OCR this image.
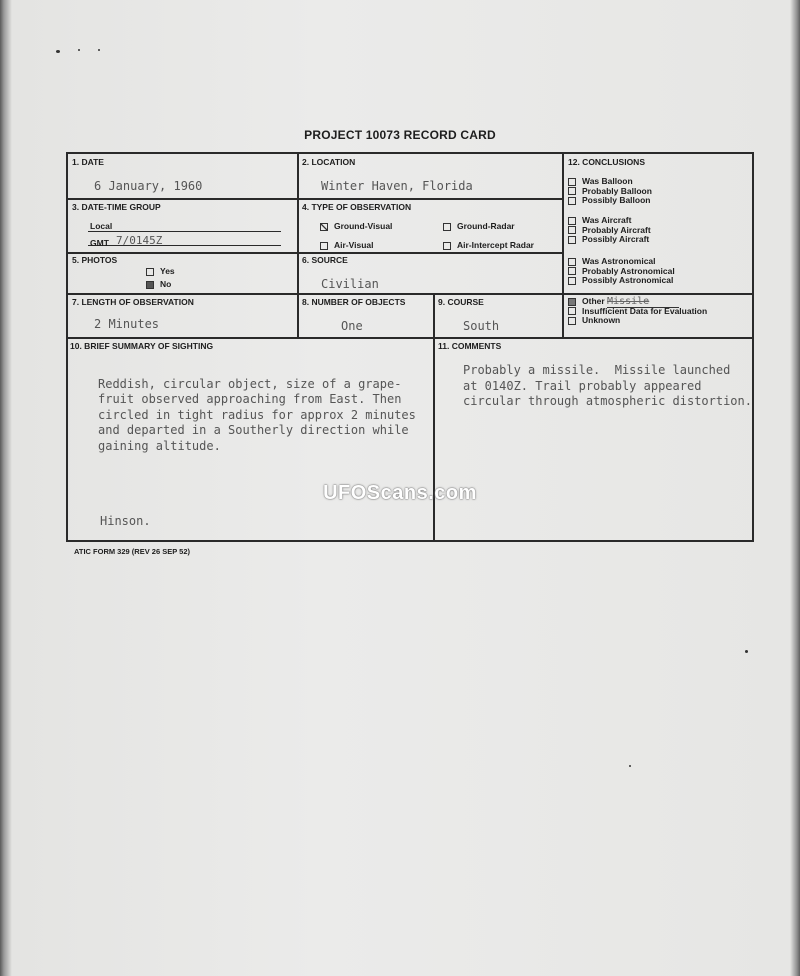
PROJECT 10073 RECORD CARD
1. DATE
6 January, 1960
2. LOCATION
Winter Haven, Florida
3. DATE-TIME GROUP
Local
GMT 7/0145Z
4. TYPE OF OBSERVATION
Ground-Visual	Ground-Radar
Air-Visual	Air-Intercept Radar
5. PHOTOS
Yes
No
6. SOURCE
Civilian
7. LENGTH OF OBSERVATION
2 Minutes
8. NUMBER OF OBJECTS
One
9. COURSE
South
10. BRIEF SUMMARY OF SIGHTING

Reddish, circular object, size of a grape-
fruit observed approaching from East. Then
circled in tight radius for approx 2 minutes
and departed in a Southerly direction while
gaining altitude.
Hinson.
11. COMMENTS
Probably a missile.  Missile launched
at 0140Z. Trail probably appeared
circular through atmospheric distortion.
12. CONCLUSIONS
Was Balloon
Probably Balloon
Possibly Balloon
Was Aircraft
Probably Aircraft
Possibly Aircraft
Was Astronomical
Probably Astronomical
Possibly Astronomical
Other Missile
Insufficient Data for Evaluation
Unknown
ATIC FORM 329 (REV 26 SEP 52)
UFOScans.com
